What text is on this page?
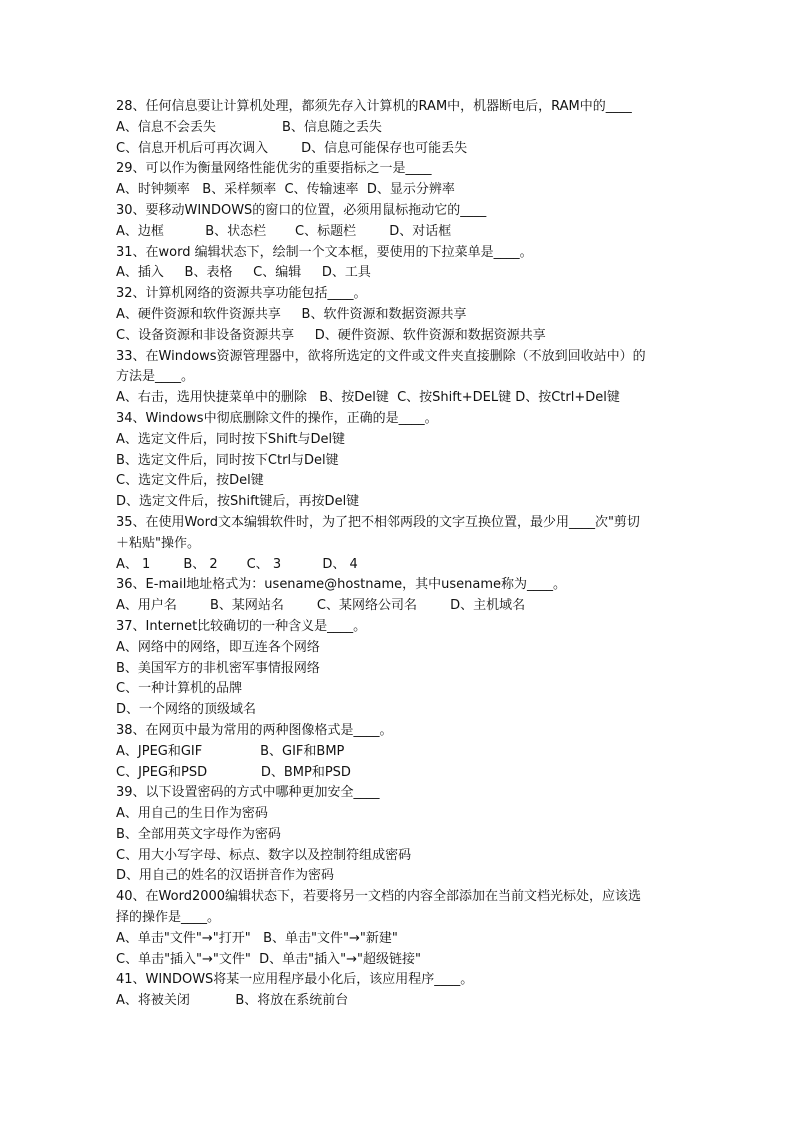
28、任何信息要让计算机处理，都须先存入计算机的RAM中，机器断电后，RAM中的____
A、信息不会丢失                B、信息随之丢失
C、信息开机后可再次调入        D、信息可能保存也可能丢失
29、可以作为衡量网络性能优劣的重要指标之一是____
A、时钟频率   B、采样频率  C、传输速率  D、显示分辨率
30、要移动WINDOWS的窗口的位置，必须用鼠标拖动它的____
A、边框          B、状态栏       C、标题栏        D、对话框
31、在word 编辑状态下，绘制一个文本框，要使用的下拉菜单是____。
A、插入     B、表格     C、编辑     D、工具
32、计算机网络的资源共享功能包括____。
A、硬件资源和软件资源共享     B、软件资源和数据资源共享
C、设备资源和非设备资源共享     D、硬件资源、软件资源和数据资源共享
33、在Windows资源管理器中，欲将所选定的文件或文件夹直接删除（不放到回收站中）的
方法是____。
A、右击，选用快捷菜单中的删除   B、按Del键  C、按Shift+DEL键 D、按Ctrl+Del键
34、Windows中彻底删除文件的操作，正确的是____。
A、选定文件后，同时按下Shift与Del键
B、选定文件后，同时按下Ctrl与Del键
C、选定文件后，按Del键
D、选定文件后，按Shift键后，再按Del键
35、在使用Word文本编辑软件时，为了把不相邻两段的文字互换位置，最少用____次"剪切
＋粘贴"操作。
A、 1        B、 2       C、 3          D、 4
36、E-mail地址格式为：usename@hostname，其中usename称为____。
A、用户名        B、某网站名        C、某网络公司名        D、主机域名
37、Internet比较确切的一种含义是____。
A、网络中的网络，即互连各个网络
B、美国军方的非机密军事情报网络
C、一种计算机的品牌
D、一个网络的顶级域名
38、在网页中最为常用的两种图像格式是____。
A、JPEG和GIF              B、GIF和BMP
C、JPEG和PSD             D、BMP和PSD
39、以下设置密码的方式中哪种更加安全____
A、用自己的生日作为密码
B、全部用英文字母作为密码
C、用大小写字母、标点、数字以及控制符组成密码
D、用自己的姓名的汉语拼音作为密码
40、在Word2000编辑状态下，若要将另一文档的内容全部添加在当前文档光标处，应该选
择的操作是____。
A、单击"文件"→"打开"   B、单击"文件"→"新建"
C、单击"插入"→"文件"  D、单击"插入"→"超级链接"
41、WINDOWS将某一应用程序最小化后，该应用程序____。
A、将被关闭           B、将放在系统前台
